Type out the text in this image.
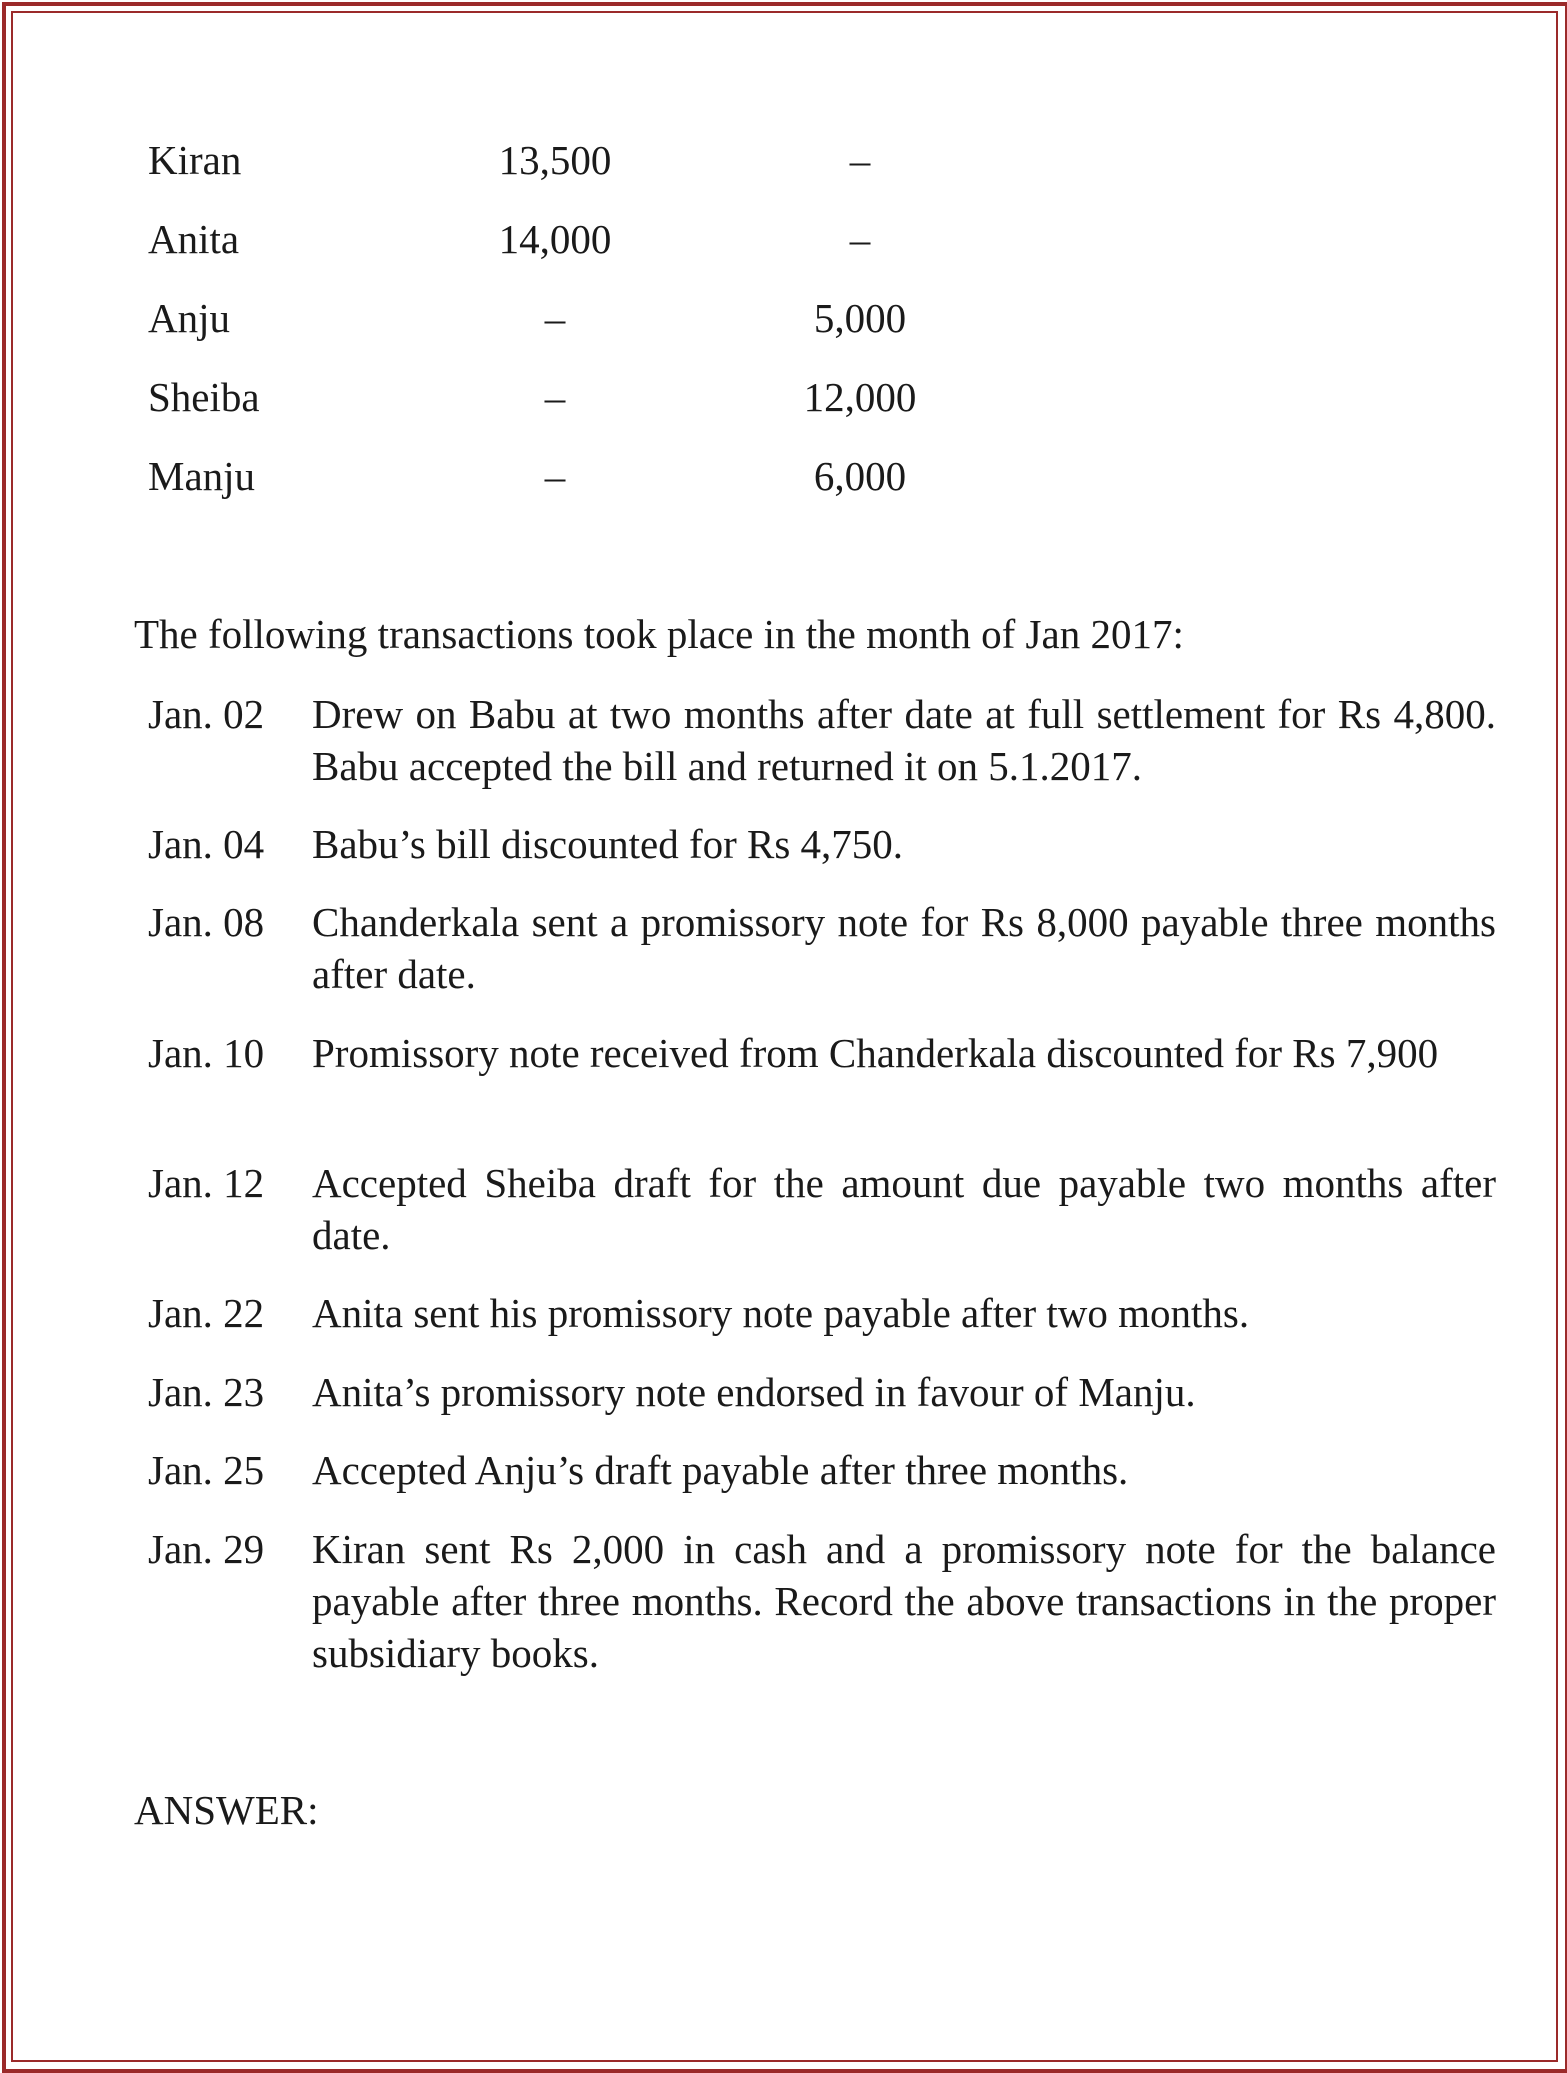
Kiran	13,500	–
Anita	14,000	–
Anju	–	5,000
Sheiba	–	12,000
Manju	–	6,000
The following transactions took place in the month of Jan 2017:
Jan. 02 Drew on Babu at two months after date at full settlement for Rs 4,800. Babu accepted the bill and returned it on 5.1.2017.
Jan. 04 Babu’s bill discounted for Rs 4,750.
Jan. 08 Chanderkala sent a promissory note for Rs 8,000 payable three months after date.
Jan. 10 Promissory note received from Chanderkala discounted for Rs 7,900
Jan. 12 Accepted Sheiba draft for the amount due payable two months after date.
Jan. 22 Anita sent his promissory note payable after two months.
Jan. 23 Anita’s promissory note endorsed in favour of Manju.
Jan. 25 Accepted Anju’s draft payable after three months.
Jan. 29 Kiran sent Rs 2,000 in cash and a promissory note for the balance payable after three months. Record the above transactions in the proper subsidiary books.
ANSWER:
